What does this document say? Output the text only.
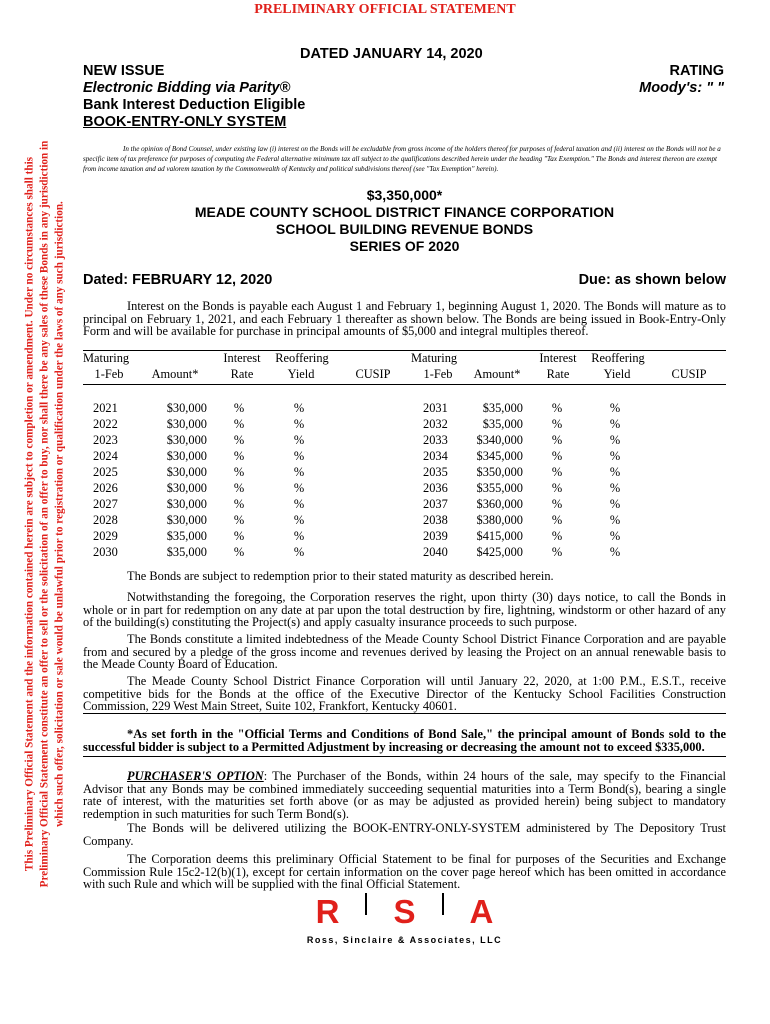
PRELIMINARY OFFICIAL STATEMENT
This Preliminary Official Statement and the information contained herein are subject to completion or amendment. Under no circumstances shall this Preliminary Official Statement constitute an offer to sell or the solicitation of an offer to buy, nor shall there be any sales of these Bonds in any jurisdiction in which such offer, solicitation or sale would be unlawful prior to registration or qualification under the laws of any such jurisdiction.
DATED JANUARY 14, 2020
NEW ISSUE
Electronic Bidding via Parity®
Bank Interest Deduction Eligible
BOOK-ENTRY-ONLY SYSTEM
RATING
Moody's: " "
In the opinion of Bond Counsel, under existing law (i) interest on the Bonds will be excludable from gross income of the holders thereof for purposes of federal taxation and (ii) interest on the Bonds will not be a specific item of tax preference for purposes of computing the Federal alternative minimum tax all subject to the qualifications described herein under the heading "Tax Exemption." The Bonds and interest thereon are exempt from income taxation and ad valorem taxation by the Commonwealth of Kentucky and political subdivisions thereof (see "Tax Exemption" herein).
$3,350,000*
MEADE COUNTY SCHOOL DISTRICT FINANCE CORPORATION
SCHOOL BUILDING REVENUE BONDS
SERIES OF 2020
Dated: FEBRUARY 12, 2020	Due: as shown below
Interest on the Bonds is payable each August 1 and February 1, beginning August 1, 2020. The Bonds will mature as to principal on February 1, 2021, and each February 1 thereafter as shown below. The Bonds are being issued in Book-Entry-Only Form and will be available for purchase in principal amounts of $5,000 and integral multiples thereof.
Maturing	Interest	Reoffering	Maturing	Interest	Reoffering
1-Feb	Amount*	Rate	Yield	CUSIP	1-Feb	Amount*	Rate	Yield	CUSIP
2021	$30,000	%	%	2031	$35,000	%	%
2022	$30,000	%	%	2032	$35,000	%	%
2023	$30,000	%	%	2033	$340,000	%	%
2024	$30,000	%	%	2034	$345,000	%	%
2025	$30,000	%	%	2035	$350,000	%	%
2026	$30,000	%	%	2036	$355,000	%	%
2027	$30,000	%	%	2037	$360,000	%	%
2028	$30,000	%	%	2038	$380,000	%	%
2029	$35,000	%	%	2039	$415,000	%	%
2030	$35,000	%	%	2040	$425,000	%	%
The Bonds are subject to redemption prior to their stated maturity as described herein.
Notwithstanding the foregoing, the Corporation reserves the right, upon thirty (30) days notice, to call the Bonds in whole or in part for redemption on any date at par upon the total destruction by fire, lightning, windstorm or other hazard of any of the building(s) constituting the Project(s) and apply casualty insurance proceeds to such purpose.
The Bonds constitute a limited indebtedness of the Meade County School District Finance Corporation and are payable from and secured by a pledge of the gross income and revenues derived by leasing the Project on an annual renewable basis to the Meade County Board of Education.
The Meade County School District Finance Corporation will until January 22, 2020, at 1:00 P.M., E.S.T., receive competitive bids for the Bonds at the office of the Executive Director of the Kentucky School Facilities Construction Commission, 229 West Main Street, Suite 102, Frankfort, Kentucky 40601.
*As set forth in the "Official Terms and Conditions of Bond Sale," the principal amount of Bonds sold to the successful bidder is subject to a Permitted Adjustment by increasing or decreasing the amount not to exceed $335,000.
PURCHASER'S OPTION: The Purchaser of the Bonds, within 24 hours of the sale, may specify to the Financial Advisor that any Bonds may be combined immediately succeeding sequential maturities into a Term Bond(s), bearing a single rate of interest, with the maturities set forth above (or as may be adjusted as provided herein) being subject to mandatory redemption in such maturities for such Term Bond(s).
The Bonds will be delivered utilizing the BOOK-ENTRY-ONLY-SYSTEM administered by The Depository Trust Company.
The Corporation deems this preliminary Official Statement to be final for purposes of the Securities and Exchange Commission Rule 15c2-12(b)(1), except for certain information on the cover page hereof which has been omitted in accordance with such Rule and which will be supplied with the final Official Statement.
R S A
Ross, Sinclaire & Associates, LLC
